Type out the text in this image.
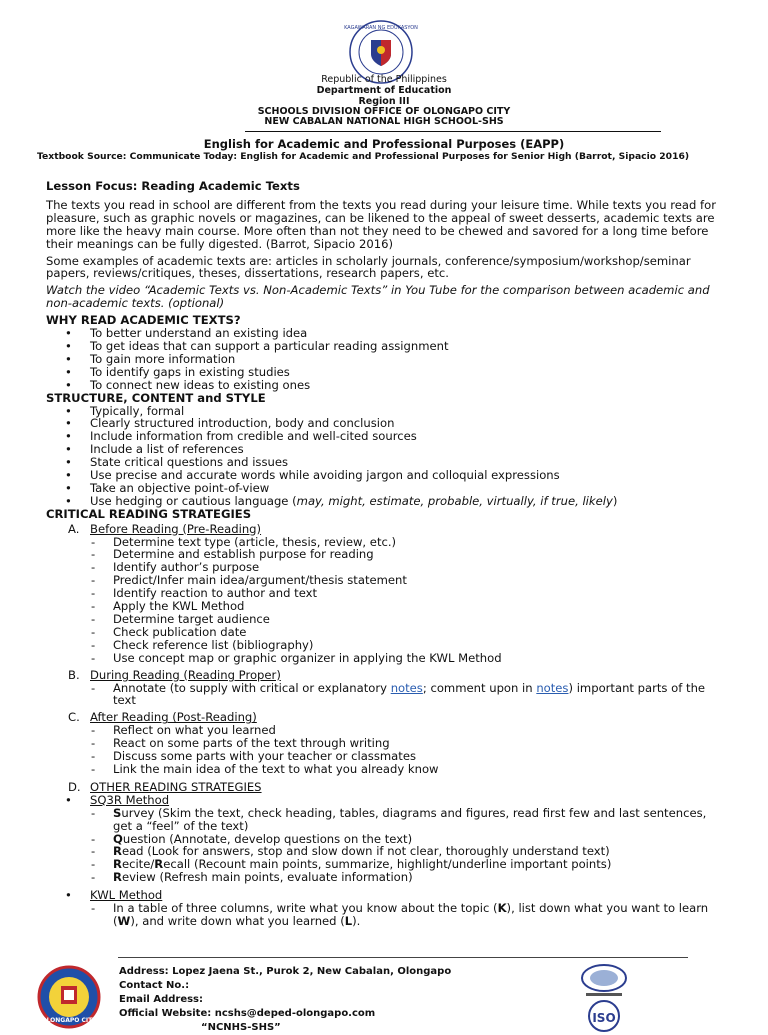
KAGAWARAN NG EDUKASYON
Republic of the Philippines
Department of Education
Region III
SCHOOLS DIVISION OFFICE OF OLONGAPO CITY
NEW CABALAN NATIONAL HIGH SCHOOL-SHS
English for Academic and Professional Purposes (EAPP)
Textbook Source: Communicate Today: English for Academic and Professional Purposes for Senior High (Barrot, Sipacio 2016)
Lesson Focus: Reading Academic Texts

The texts you read in school are different from the texts you read during your leisure time. While texts you read for pleasure, such as graphic novels or magazines, can be likened to the appeal of sweet desserts, academic texts are more like the heavy main course. More often than not they need to be chewed and savored for a long time before their meanings can be fully digested. (Barrot, Sipacio 2016)

Some examples of academic texts are: articles in scholarly journals, conference/symposium/workshop/seminar papers, reviews/critiques, theses, dissertations, research papers, etc.

Watch the video “Academic Texts vs. Non-Academic Texts” in You Tube for the comparison between academic and non-academic texts. (optional)

WHY READ ACADEMIC TEXTS?
• To better understand an existing idea
• To get ideas that can support a particular reading assignment
• To gain more information
• To identify gaps in existing studies
• To connect new ideas to existing ones
STRUCTURE, CONTENT and STYLE
• Typically, formal
• Clearly structured introduction, body and conclusion
• Include information from credible and well-cited sources
• Include a list of references
• State critical questions and issues
• Use precise and accurate words while avoiding jargon and colloquial expressions
• Take an objective point-of-view
• Use hedging or cautious language (may, might, estimate, probable, virtually, if true, likely)
CRITICAL READING STRATEGIES
A. Before Reading (Pre-Reading)
- Determine text type (article, thesis, review, etc.)
- Determine and establish purpose for reading
- Identify author’s purpose
- Predict/Infer main idea/argument/thesis statement
- Identify reaction to author and text
- Apply the KWL Method
- Determine target audience
- Check publication date
- Check reference list (bibliography)
- Use concept map or graphic organizer in applying the KWL Method
B. During Reading (Reading Proper)
- Annotate (to supply with critical or explanatory notes; comment upon in notes) important parts of the text
C. After Reading (Post-Reading)
- Reflect on what you learned
- React on some parts of the text through writing
- Discuss some parts with your teacher or classmates
- Link the main idea of the text to what you already know
D. OTHER READING STRATEGIES
• SQ3R Method
- Survey (Skim the text, check heading, tables, diagrams and figures, read first few and last sentences, get a “feel” of the text)
- Question (Annotate, develop questions on the text)
- Read (Look for answers, stop and slow down if not clear, thoroughly understand text)
- Recite/Recall (Recount main points, summarize, highlight/underline important points)
- Review (Refresh main points, evaluate information)
• KWL Method
- In a table of three columns, write what you know about the topic (K), list down what you want to learn (W), and write down what you learned (L).
OLONGAPO CITY
Address: Lopez Jaena St., Purok 2, New Cabalan, Olongapo
Contact No.:
Email Address:
Official Website: ncshs@deped-olongapo.com
“NCNHS-SHS”
ISO
